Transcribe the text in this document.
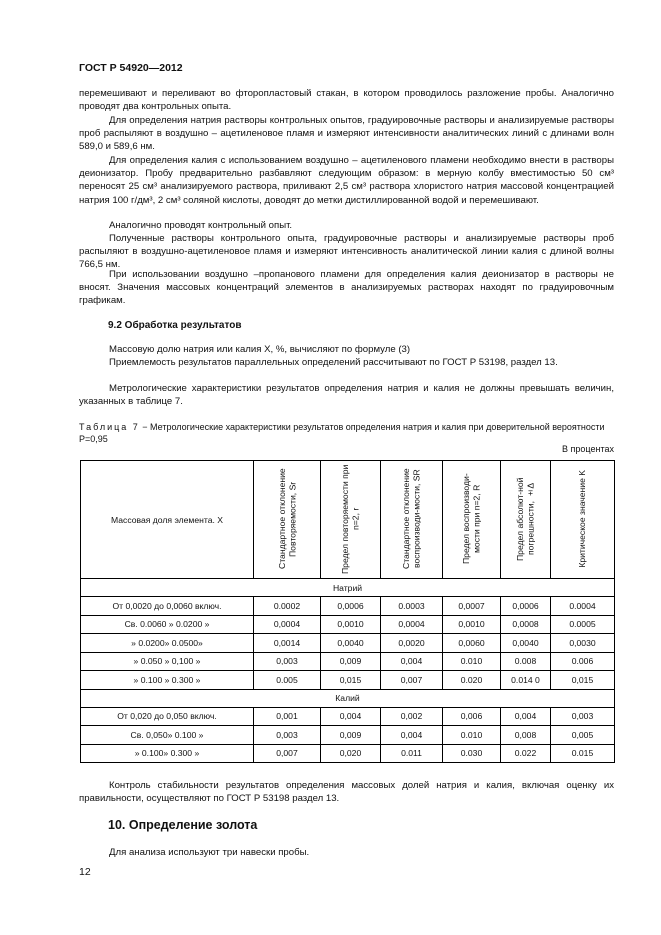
ГОСТ Р 54920—2012
перемешивают и переливают во фторопластовый стакан, в котором проводилось разложение пробы. Аналогично проводят два контрольных опыта.
Для определения натрия растворы контрольных опытов, градуировочные растворы и анализируемые растворы проб распыляют в воздушно – ацетиленовое пламя и измеряют интенсивности аналитических линий с длинами волн 589,0 и 589,6 нм.
Для определения калия с использованием воздушно – ацетиленового пламени необходимо внести в растворы деионизатор. Пробу предварительно разбавляют следующим образом: в мерную колбу вместимостью 50 см³ переносят 25 см³ анализируемого раствора, приливают 2,5 см³ раствора хлористого натрия массовой концентрацией натрия 100 г/дм³, 2 см³ соляной кислоты, доводят до метки дистиллированной водой и перемешивают.
Аналогично проводят контрольный опыт.
Полученные растворы контрольного опыта, градуировочные растворы и анализируемые растворы проб распыляют в воздушно-ацетиленовое пламя и измеряют интенсивность аналитической линии калия с длиной волны 766,5 нм.
При использовании воздушно –пропанового пламени для определения калия деионизатор в растворы не вносят. Значения массовых концентраций элементов в анализируемых растворах находят по градуировочным графикам.
9.2 Обработка результатов
Массовую долю натрия или калия X, %, вычисляют по формуле (3)
Приемлемость результатов параллельных определений рассчитывают по ГОСТ Р 53198, раздел 13.
Метрологические характеристики результатов определения натрия и калия не должны превышать величин, указанных в таблице 7.
Таблица 7 − Метрологические характеристики результатов определения натрия и калия при доверительной вероятности P=0,95
В процентах
Массовая доля элемента. X	Стандартное отклонение Повторяемости, Sr	Предел повторяемости при n=2, r	Стандартное отклонение воспроизводи-мости, SR	Предел воспроизводи-мости при n=2, R	Предел абсолют-ной погрешности, ±Δ	Критическое значение K
Натрий						
От 0,0020 до 0,0060 включ.	0.0002	0,0006	0.0003	0,0007	0,0006	0.0004
Св. 0.0060 » 0.0200 »	0,0004	0,0010	0,0004	0,0010	0,0008	0.0005
» 0.0200» 0.0500»	0,0014	0,0040	0,0020	0,0060	0,0040	0,0030
» 0.050 » 0,100 »	0,003	0,009	0,004	0.010	0.008	0.006
» 0.100 » 0.300 »	0.005	0,015	0,007	0.020	0.014 0	0,015
Калий						
От 0,020 до 0,050 включ.	0,001	0,004	0,002	0,006	0,004	0,003
Св. 0,050» 0.100 »	0,003	0,009	0,004	0.010	0,008	0,005
» 0.100» 0.300 »	0,007	0,020	0.011	0.030	0.022	0.015
Контроль стабильности результатов определения массовых долей натрия и калия, включая оценку их правильности, осуществляют по ГОСТ Р 53198 раздел 13.
10. Определение золота
Для анализа используют три навески пробы.
12
